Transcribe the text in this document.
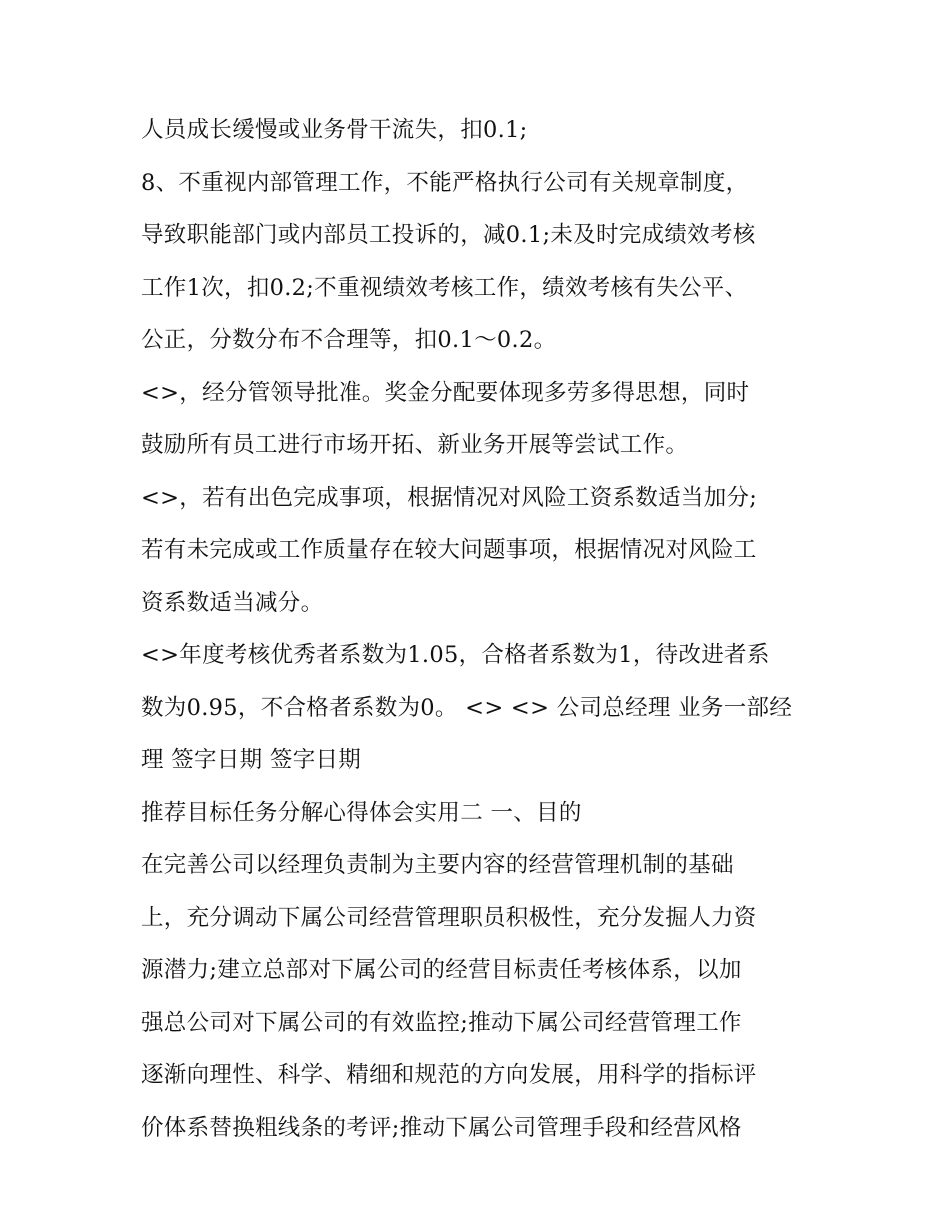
人员成长缓慢或业务骨干流失，扣0.1;
8、不重视内部管理工作，不能严格执行公司有关规章制度，
导致职能部门或内部员工投诉的，减0.1;未及时完成绩效考核
工作1次，扣0.2;不重视绩效考核工作，绩效考核有失公平、
公正，分数分布不合理等，扣0.1～0.2。
<>，经分管领导批准。奖金分配要体现多劳多得思想，同时
鼓励所有员工进行市场开拓、新业务开展等尝试工作。
<>，若有出色完成事项，根据情况对风险工资系数适当加分;
若有未完成或工作质量存在较大问题事项，根据情况对风险工
资系数适当减分。
<>年度考核优秀者系数为1.05，合格者系数为1，待改进者系
数为0.95，不合格者系数为0。 <> <> 公司总经理 业务一部经
理 签字日期 签字日期
推荐目标任务分解心得体会实用二 一、目的
在完善公司以经理负责制为主要内容的经营管理机制的基础
上，充分调动下属公司经营管理职员积极性，充分发掘人力资
源潜力;建立总部对下属公司的经营目标责任考核体系，以加
强总公司对下属公司的有效监控;推动下属公司经营管理工作
逐渐向理性、科学、精细和规范的方向发展，用科学的指标评
价体系替换粗线条的考评;推动下属公司管理手段和经营风格
